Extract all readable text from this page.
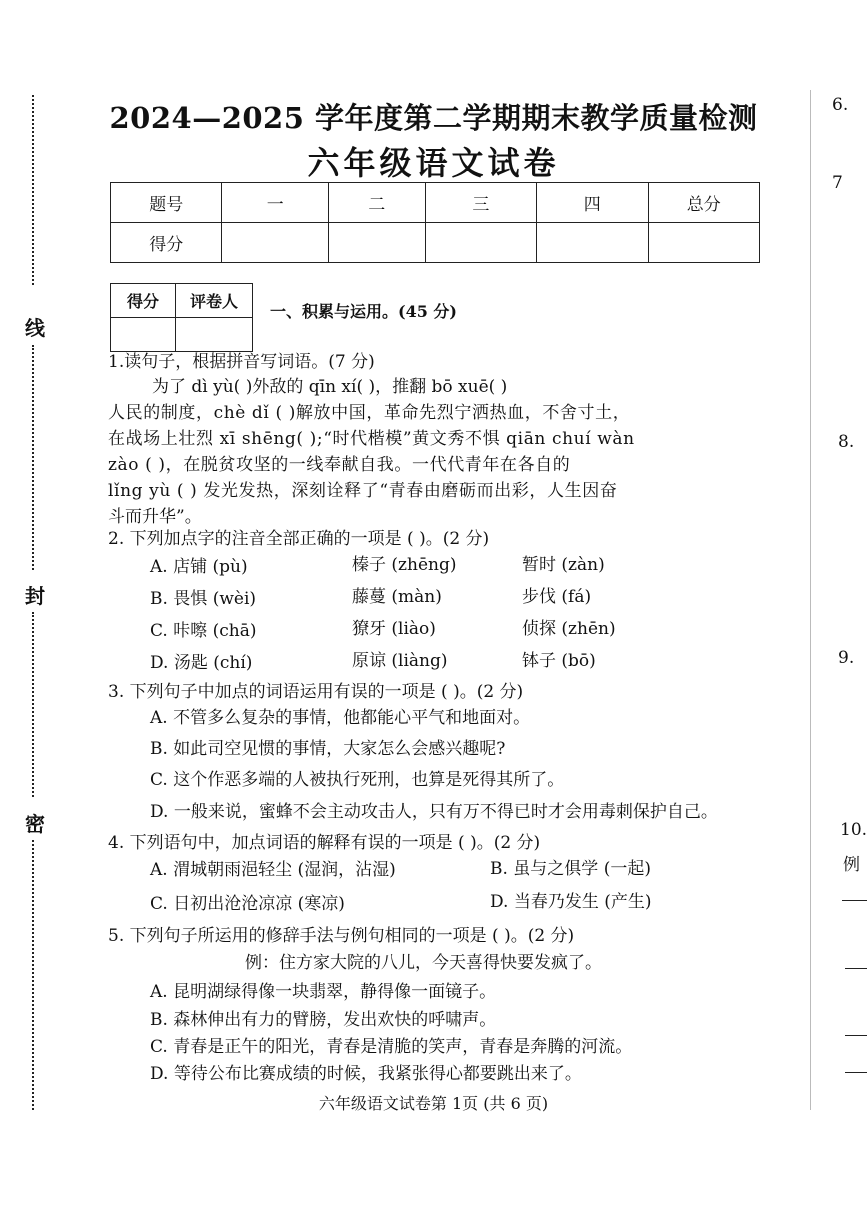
线
封
密
2024—2025 学年度第二学期期末教学质量检测
六年级语文试卷
题号	一	二	三	四	总分
得分					
得分	评卷人

一、积累与运用。(45 分)
1.读句子，根据拼音写词语。(7 分)
为了 dì yù( )外敌的 qīn xí( )，推翻 bō xuē( )
人民的制度，chè dǐ ( )解放中国，革命先烈宁洒热血，不舍寸土，
在战场上壮烈 xī shēng( );“时代楷模”黄文秀不惧 qiān chuí wàn
zào ( )，在脱贫攻坚的一线奉献自我。一代代青年在各自的
lǐng yù ( ) 发光发热，深刻诠释了“青春由磨砺而出彩，人生因奋
斗而升华”。
2. 下列加点字的注音全部正确的一项是 ( )。(2 分)
A. 店铺 (pù)	榛子 (zhēng)	暂时 (zàn)
B. 畏惧 (wèi)	藤蔓 (màn)	步伐 (fá)
C. 咔嚓 (chā)	獠牙 (liào)	侦探 (zhēn)
D. 汤匙 (chí)	原谅 (liàng)	钵子 (bō)
3. 下列句子中加点的词语运用有误的一项是 ( )。(2 分)
A. 不管多么复杂的事情，他都能心平气和地面对。
B. 如此司空见惯的事情，大家怎么会感兴趣呢?
C. 这个作恶多端的人被执行死刑，也算是死得其所了。
D. 一般来说，蜜蜂不会主动攻击人，只有万不得已时才会用毒刺保护自己。
4. 下列语句中，加点词语的解释有误的一项是 ( )。(2 分)
A. 渭城朝雨浥轻尘 (湿润，沾湿)	B. 虽与之俱学 (一起)
C. 日初出沧沧凉凉 (寒凉)	D. 当春乃发生 (产生)
5. 下列句子所运用的修辞手法与例句相同的一项是 ( )。(2 分)
例：住方家大院的八儿，今天喜得快要发疯了。
A. 昆明湖绿得像一块翡翠，静得像一面镜子。
B. 森林伸出有力的臂膀，发出欢快的呼啸声。
C. 青春是正午的阳光，青春是清脆的笑声，青春是奔腾的河流。
D. 等待公布比赛成绩的时候，我紧张得心都要跳出来了。
六年级语文试卷第 1页 (共 6 页)
6.
7
8.
9.
10.
例
